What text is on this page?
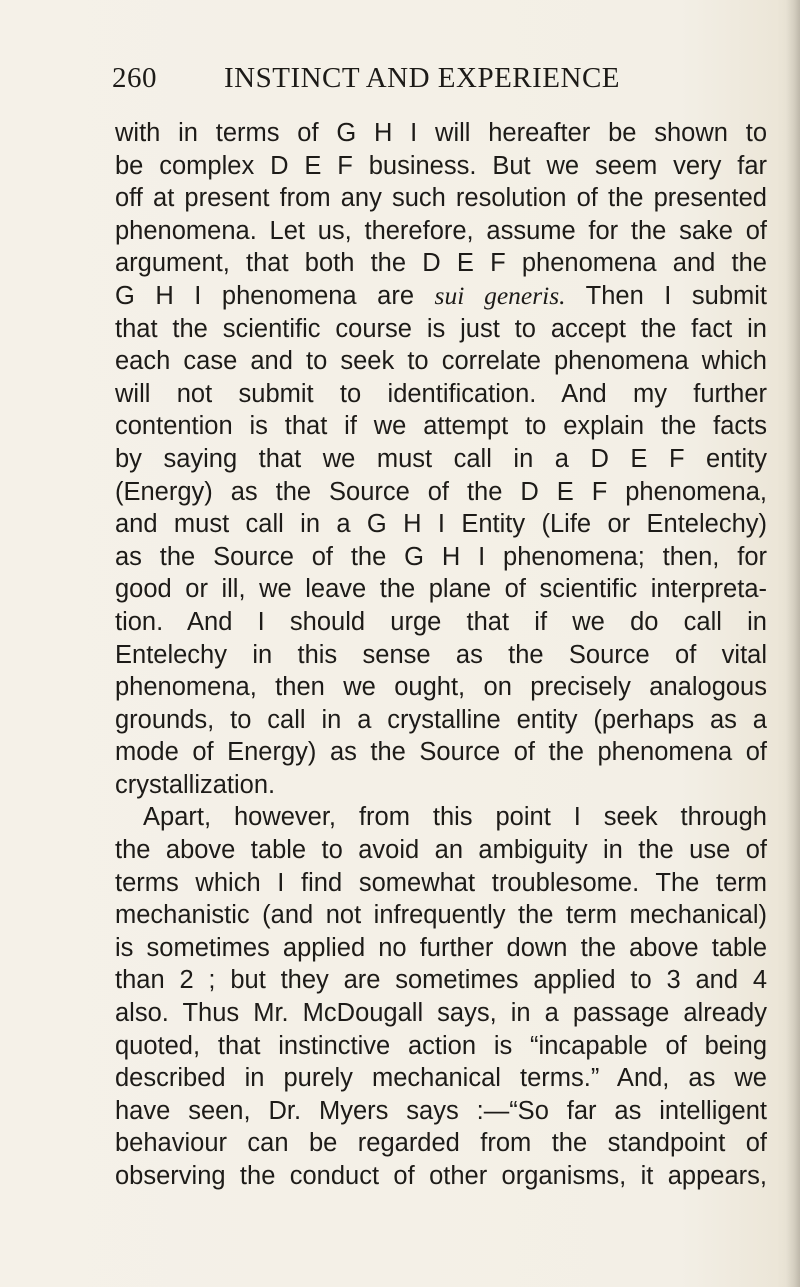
260 INSTINCT AND EXPERIENCE
with in terms of G H I will hereafter be shown to
be complex D E F business. But we seem very far
off at present from any such resolution of the presented
phenomena. Let us, therefore, assume for the sake of
argument, that both the D E F phenomena and the
G H I phenomena are sui generis. Then I submit
that the scientific course is just to accept the fact in
each case and to seek to correlate phenomena which
will not submit to identification. And my further
contention is that if we attempt to explain the facts
by saying that we must call in a D E F entity
(Energy) as the Source of the D E F phenomena,
and must call in a G H I Entity (Life or Entelechy)
as the Source of the G H I phenomena; then, for
good or ill, we leave the plane of scientific interpreta-
tion. And I should urge that if we do call in
Entelechy in this sense as the Source of vital
phenomena, then we ought, on precisely analogous
grounds, to call in a crystalline entity (perhaps as a
mode of Energy) as the Source of the phenomena of
crystallization.
Apart, however, from this point I seek through
the above table to avoid an ambiguity in the use of
terms which I find somewhat troublesome. The term
mechanistic (and not infrequently the term mechanical)
is sometimes applied no further down the above table
than 2 ; but they are sometimes applied to 3 and 4
also. Thus Mr. McDougall says, in a passage already
quoted, that instinctive action is “incapable of being
described in purely mechanical terms.” And, as we
have seen, Dr. Myers says :—“So far as intelligent
behaviour can be regarded from the standpoint of
observing the conduct of other organisms, it appears,
